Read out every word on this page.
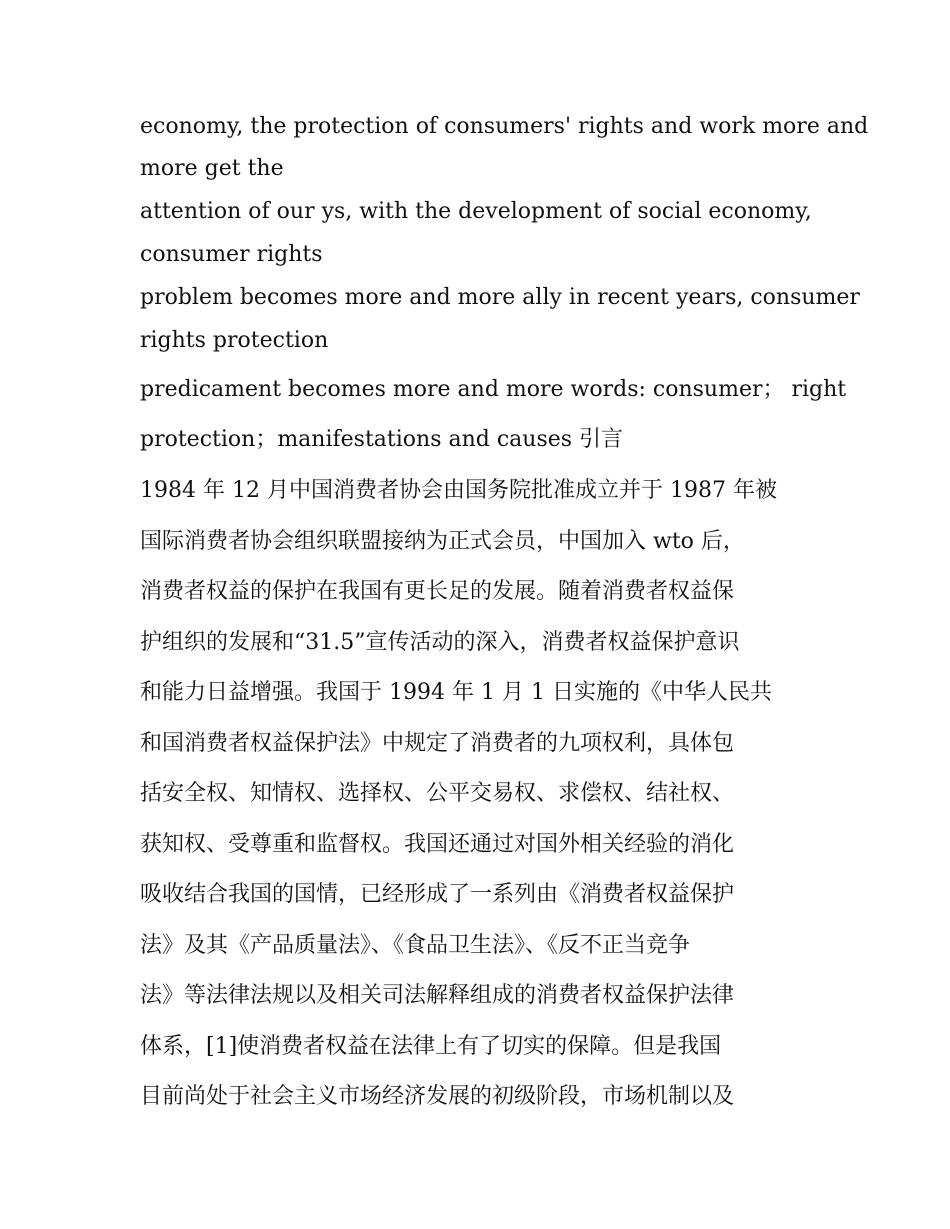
economy, the protection of consumers' rights and work more and
more get the
attention of our ys, with the development of social economy,
consumer rights
problem becomes more and more ally in recent years, consumer
rights protection
predicament becomes more and more words: consumer； right
protection；manifestations and causes 引言
1984 年 12 月中国消费者协会由国务院批准成立并于 1987 年被
国际消费者协会组织联盟接纳为正式会员，中国加入 wto 后，
消费者权益的保护在我国有更长足的发展。随着消费者权益保
护组织的发展和“31.5”宣传活动的深入，消费者权益保护意识
和能力日益增强。我国于 1994 年 1 月 1 日实施的《中华人民共
和国消费者权益保护法》中规定了消费者的九项权利，具体包
括安全权、知情权、选择权、公平交易权、求偿权、结社权、
获知权、受尊重和监督权。我国还通过对国外相关经验的消化
吸收结合我国的国情，已经形成了一系列由《消费者权益保护
法》及其《产品质量法》、《食品卫生法》、《反不正当竞争
法》等法律法规以及相关司法解释组成的消费者权益保护法律
体系，[1]使消费者权益在法律上有了切实的保障。但是我国
目前尚处于社会主义市场经济发展的初级阶段，市场机制以及
